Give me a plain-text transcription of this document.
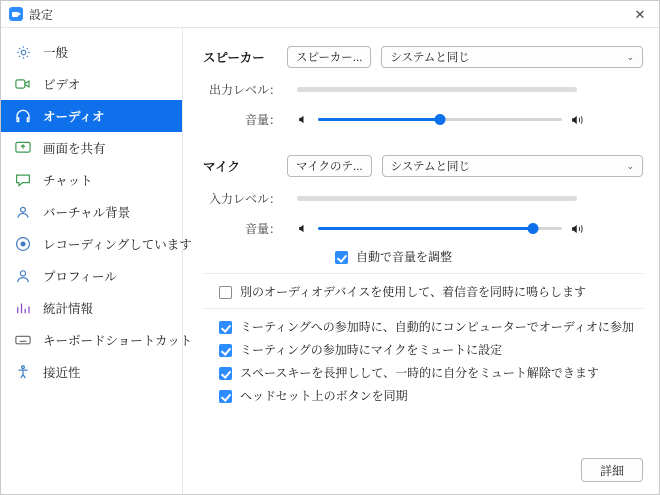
設定	✕
一般
ビデオ
オーディオ
画面を共有
チャット
バーチャル背景
レコーディングしています
プロフィール
統計情報
キーボードショートカット
接近性
スピーカー	スピーカー...	システムと同じ	⌄
出力レベル：
音量：
マイク	マイクのテ...	システムと同じ	⌄
入力レベル：
音量：
自動で音量を調整
別のオーディオデバイスを使用して、着信音を同時に鳴らします
ミーティングへの参加時に、自動的にコンピューターでオーディオに参加
ミーティングの参加時にマイクをミュートに設定
スペースキーを長押しして、一時的に自分をミュート解除できます
ヘッドセット上のボタンを同期
詳細
